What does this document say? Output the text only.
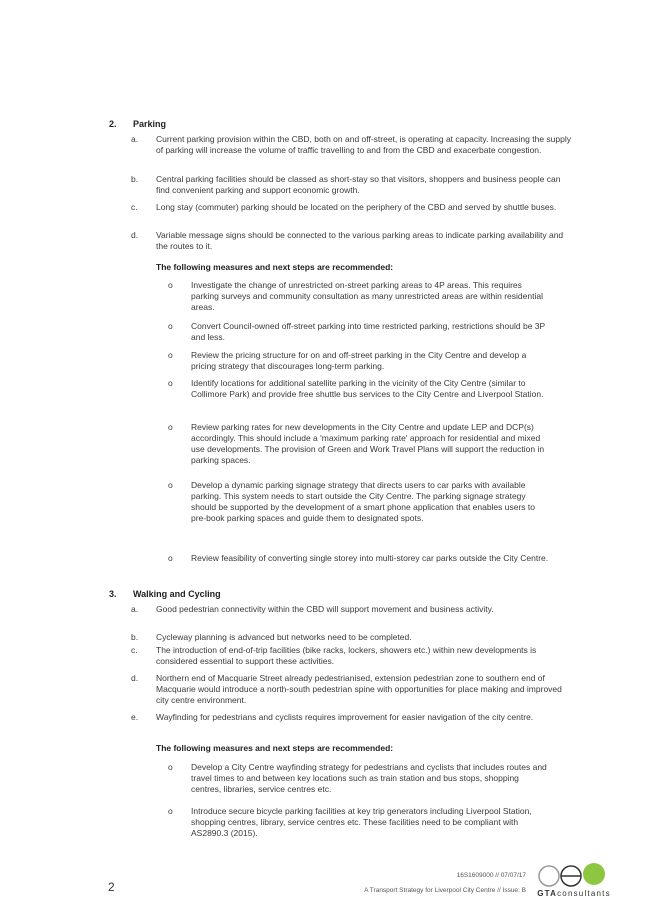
2. Parking
a. Current parking provision within the CBD, both on and off-street, is operating at capacity. Increasing the supply of parking will increase the volume of traffic travelling to and from the CBD and exacerbate congestion.
b. Central parking facilities should be classed as short-stay so that visitors, shoppers and business people can find convenient parking and support economic growth.
c. Long stay (commuter) parking should be located on the periphery of the CBD and served by shuttle buses.
d. Variable message signs should be connected to the various parking areas to indicate parking availability and the routes to it.
The following measures and next steps are recommended:
o Investigate the change of unrestricted on-street parking areas to 4P areas. This requires parking surveys and community consultation as many unrestricted areas are within residential areas.
o Convert Council-owned off-street parking into time restricted parking, restrictions should be 3P and less.
o Review the pricing structure for on and off-street parking in the City Centre and develop a pricing strategy that discourages long-term parking.
o Identify locations for additional satellite parking in the vicinity of the City Centre (similar to Collimore Park) and provide free shuttle bus services to the City Centre and Liverpool Station.
o Review parking rates for new developments in the City Centre and update LEP and DCP(s) accordingly. This should include a 'maximum parking rate' approach for residential and mixed use developments. The provision of Green and Work Travel Plans will support the reduction in parking spaces.
o Develop a dynamic parking signage strategy that directs users to car parks with available parking. This system needs to start outside the City Centre. The parking signage strategy should be supported by the development of a smart phone application that enables users to pre-book parking spaces and guide them to designated spots.
o Review feasibility of converting single storey into multi-storey car parks outside the City Centre.
3. Walking and Cycling
a. Good pedestrian connectivity within the CBD will support movement and business activity.
b. Cycleway planning is advanced but networks need to be completed.
c. The introduction of end-of-trip facilities (bike racks, lockers, showers etc.) within new developments is considered essential to support these activities.
d. Northern end of Macquarie Street already pedestrianised, extension pedestrian zone to southern end of Macquarie would introduce a north-south pedestrian spine with opportunities for place making and improved city centre environment.
e. Wayfinding for pedestrians and cyclists requires improvement for easier navigation of the city centre.
The following measures and next steps are recommended:
o Develop a City Centre wayfinding strategy for pedestrians and cyclists that includes routes and travel times to and between key locations such as train station and bus stops, shopping centres, libraries, service centres etc.
o Introduce secure bicycle parking facilities at key trip generators including Liverpool Station, shopping centres, library, service centres etc. These facilities need to be compliant with AS2890.3 (2015).
2
16S1609000 // 07/07/17
A Transport Strategy for Liverpool City Centre // Issue: B	GTAconsultants
